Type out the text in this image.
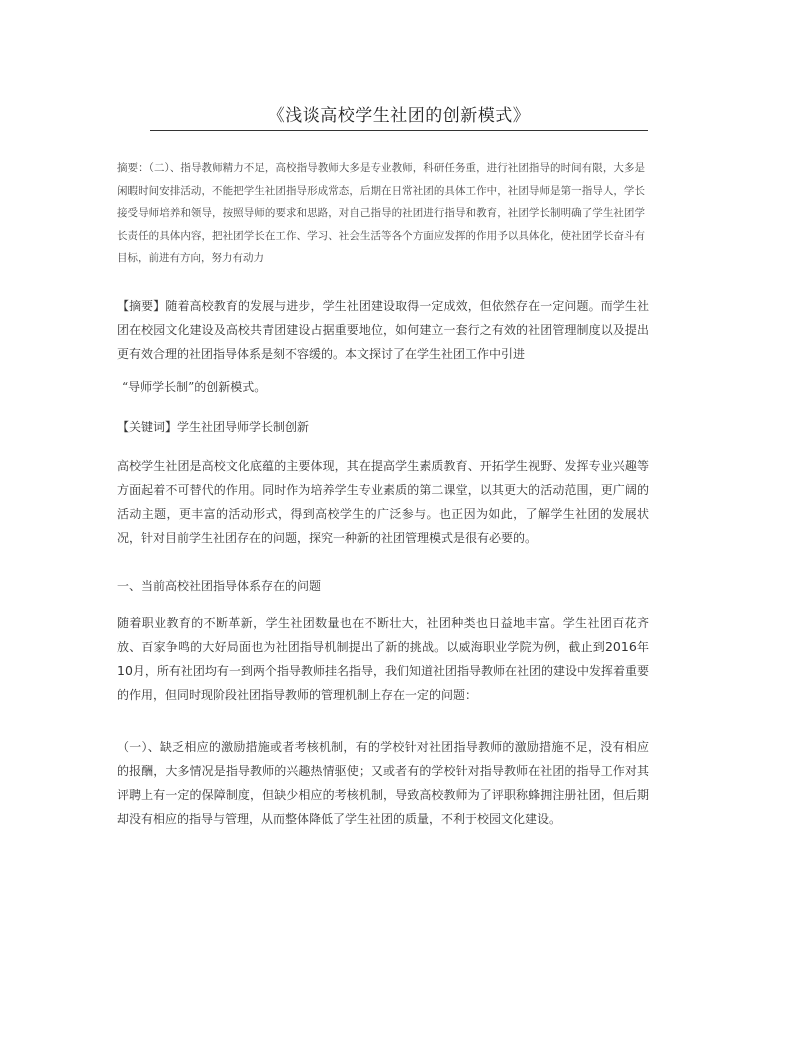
《浅谈高校学生社团的创新模式》
摘要：（二）、指导教师精力不足，高校指导教师大多是专业教师，科研任务重，进行社团指导的时间有限，大多是闲暇时间安排活动，不能把学生社团指导形成常态，后期在日常社团的具体工作中，社团导师是第一指导人，学长接受导师培养和领导，按照导师的要求和思路，对自己指导的社团进行指导和教育，社团学长制明确了学生社团学长责任的具体内容，把社团学长在工作、学习、社会生活等各个方面应发挥的作用予以具体化，使社团学长奋斗有目标，前进有方向，努力有动力

【摘要】随着高校教育的发展与进步，学生社团建设取得一定成效，但依然存在一定问题。而学生社团在校园文化建设及高校共青团建设占据重要地位，如何建立一套行之有效的社团管理制度以及提出更有效合理的社团指导体系是刻不容缓的。本文探讨了在学生社团工作中引进

“导师学长制”的创新模式。

【关键词】学生社团导师学长制创新

高校学生社团是高校文化底蕴的主要体现，其在提高学生素质教育、开拓学生视野、发挥专业兴趣等方面起着不可替代的作用。同时作为培养学生专业素质的第二课堂，以其更大的活动范围，更广阔的活动主题，更丰富的活动形式，得到高校学生的广泛参与。也正因为如此，了解学生社团的发展状况，针对目前学生社团存在的问题，探究一种新的社团管理模式是很有必要的。

一、当前高校社团指导体系存在的问题

随着职业教育的不断革新，学生社团数量也在不断壮大，社团种类也日益地丰富。学生社团百花齐放、百家争鸣的大好局面也为社团指导机制提出了新的挑战。以威海职业学院为例，截止到2016年10月，所有社团均有一到两个指导教师挂名指导，我们知道社团指导教师在社团的建设中发挥着重要的作用，但同时现阶段社团指导教师的管理机制上存在一定的问题：

（一）、缺乏相应的激励措施或者考核机制，有的学校针对社团指导教师的激励措施不足，没有相应的报酬，大多情况是指导教师的兴趣热情驱使；又或者有的学校针对指导教师在社团的指导工作对其评聘上有一定的保障制度，但缺少相应的考核机制，导致高校教师为了评职称蜂拥注册社团，但后期却没有相应的指导与管理，从而整体降低了学生社团的质量，不利于校园文化建设。
